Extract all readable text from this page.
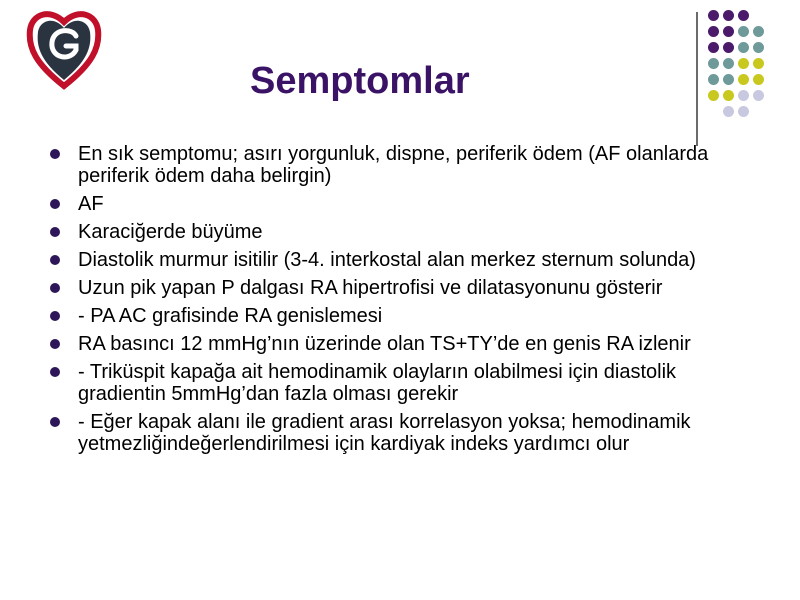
Semptomlar
En sık semptomu; asırı yorgunluk, dispne, periferik ödem (AF olanlarda periferik ödem daha belirgin)
AF
Karaciğerde büyüme
Diastolik murmur isitilir (3-4. interkostal alan merkez sternum solunda)
Uzun pik yapan P dalgası RA hipertrofisi ve dilatasyonunu gösterir
- PA AC grafisinde RA genislemesi
RA basıncı 12 mmHg’nın üzerinde olan TS+TY’de en genis RA izlenir
- Triküspit kapağa ait hemodinamik olayların olabilmesi için diastolik gradientin 5mmHg’dan fazla olması gerekir
- Eğer kapak alanı ile gradient arası korrelasyon yoksa; hemodinamik yetmezliğindeğerlendirilmesi için kardiyak indeks yardımcı olur
